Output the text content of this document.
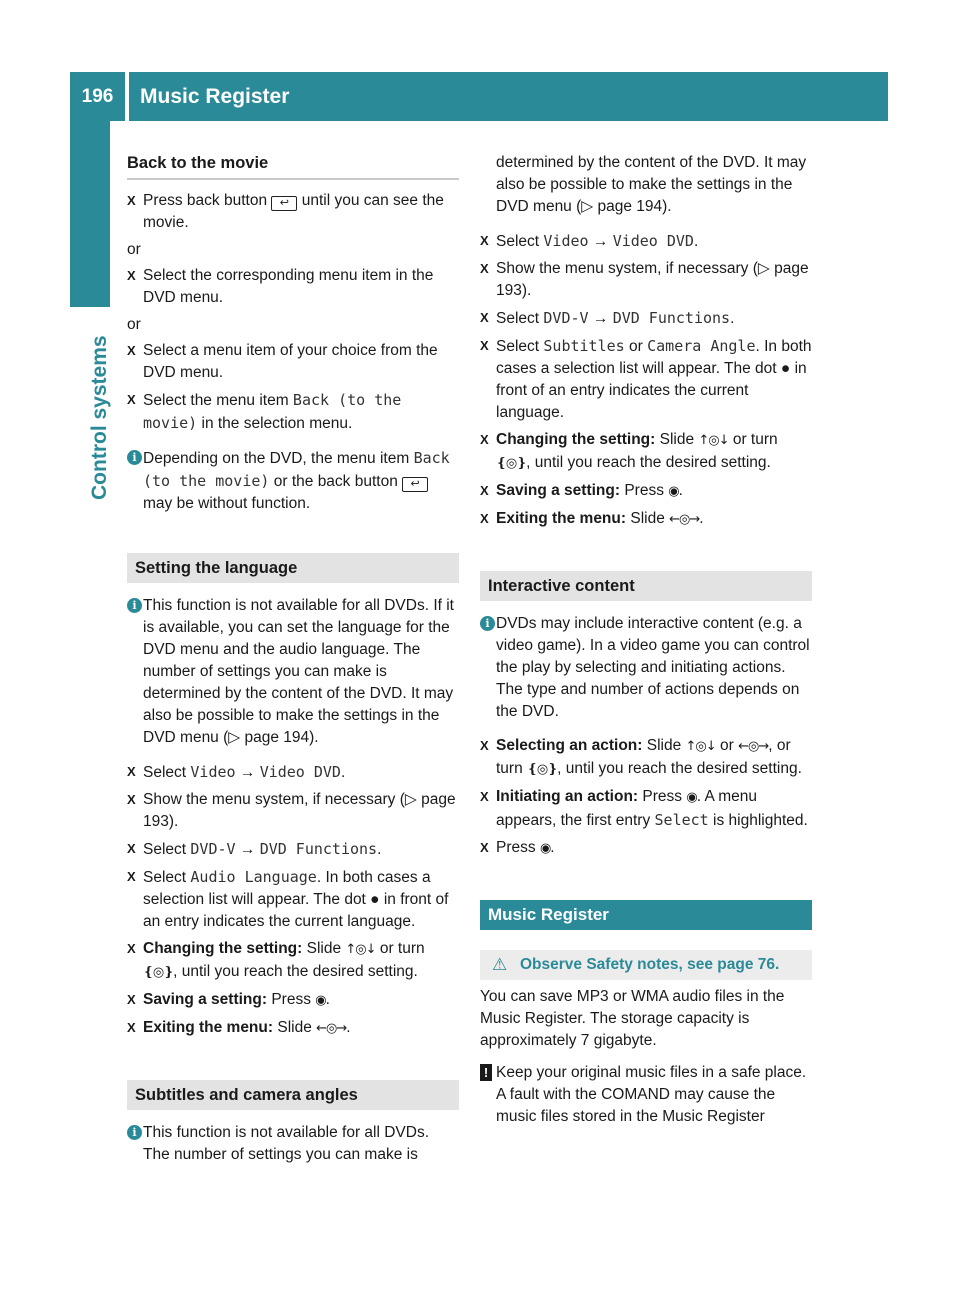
196	Music Register
Control systems
Back to the movie
X Press back button ↩ until you can see the movie.
or
X Select the corresponding menu item in the DVD menu.
or
X Select a menu item of your choice from the DVD menu.
X Select the menu item Back (to the movie) in the selection menu.
i Depending on the DVD, the menu item Back (to the movie) or the back button ↩ may be without function.
Setting the language
i This function is not available for all DVDs. If it is available, you can set the language for the DVD menu and the audio language. The number of settings you can make is determined by the content of the DVD. It may also be possible to make the settings in the DVD menu (▷ page 194).
X Select Video → Video DVD.
X Show the menu system, if necessary (▷ page 193).
X Select DVD-V → DVD Functions.
X Select Audio Language. In both cases a selection list will appear. The dot ● in front of an entry indicates the current language.
X Changing the setting: Slide ↑◎↓ or turn ❴◎❵, until you reach the desired setting.
X Saving a setting: Press ◉.
X Exiting the menu: Slide ←◎→.
Subtitles and camera angles
i This function is not available for all DVDs. The number of settings you can make is
determined by the content of the DVD. It may also be possible to make the settings in the DVD menu (▷ page 194).
X Select Video → Video DVD.
X Show the menu system, if necessary (▷ page 193).
X Select DVD-V → DVD Functions.
X Select Subtitles or Camera Angle. In both cases a selection list will appear. The dot ● in front of an entry indicates the current language.
X Changing the setting: Slide ↑◎↓ or turn ❴◎❵, until you reach the desired setting.
X Saving a setting: Press ◉.
X Exiting the menu: Slide ←◎→.
Interactive content
i DVDs may include interactive content (e.g. a video game). In a video game you can control the play by selecting and initiating actions. The type and number of actions depends on the DVD.
X Selecting an action: Slide ↑◎↓ or ←◎→, or turn ❴◎❵, until you reach the desired setting.
X Initiating an action: Press ◉. A menu appears, the first entry Select is highlighted.
X Press ◉.
Music Register
⚠ Observe Safety notes, see page 76.
You can save MP3 or WMA audio files in the Music Register. The storage capacity is approximately 7 gigabyte.
! Keep your original music files in a safe place. A fault with the COMAND may cause the music files stored in the Music Register
